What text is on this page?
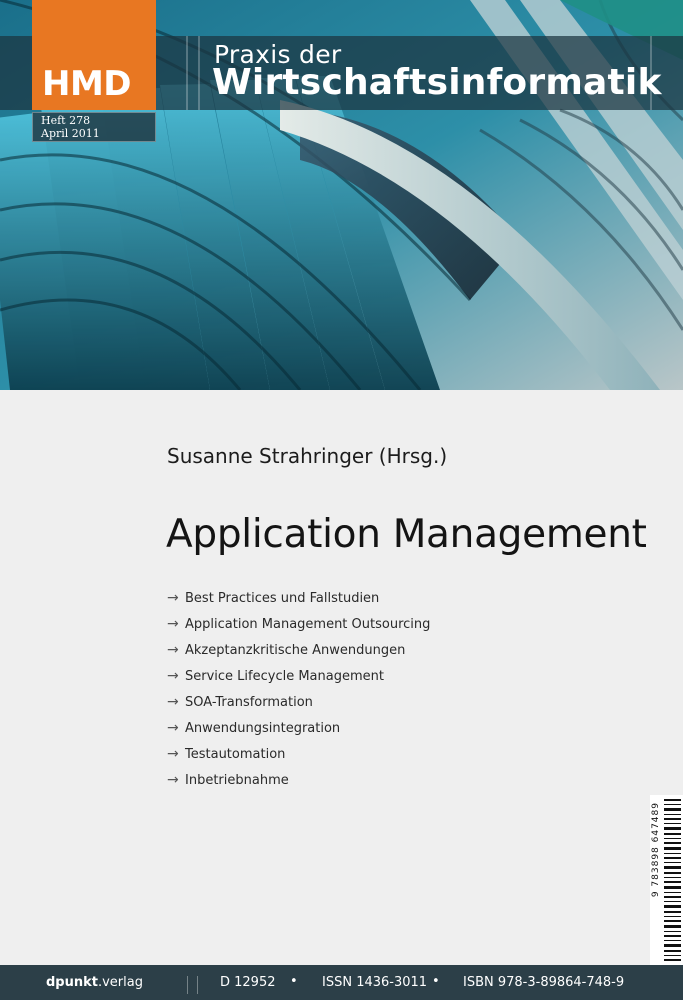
Praxis der
Wirtschaftsinformatik
HMD
Heft 278
April 2011
Susanne Strahringer (Hrsg.)
Application Management
→ Best Practices und Fallstudien
→ Application Management Outsourcing
→ Akzeptanzkritische Anwendungen
→ Service Lifecycle Management
→ SOA-Transformation
→ Anwendungsintegration
→ Testautomation
→ Inbetriebnahme
9 783898 647489
dpunkt.verlag	D 12952 • ISSN 1436-3011 • ISBN 978-3-89864-748-9
